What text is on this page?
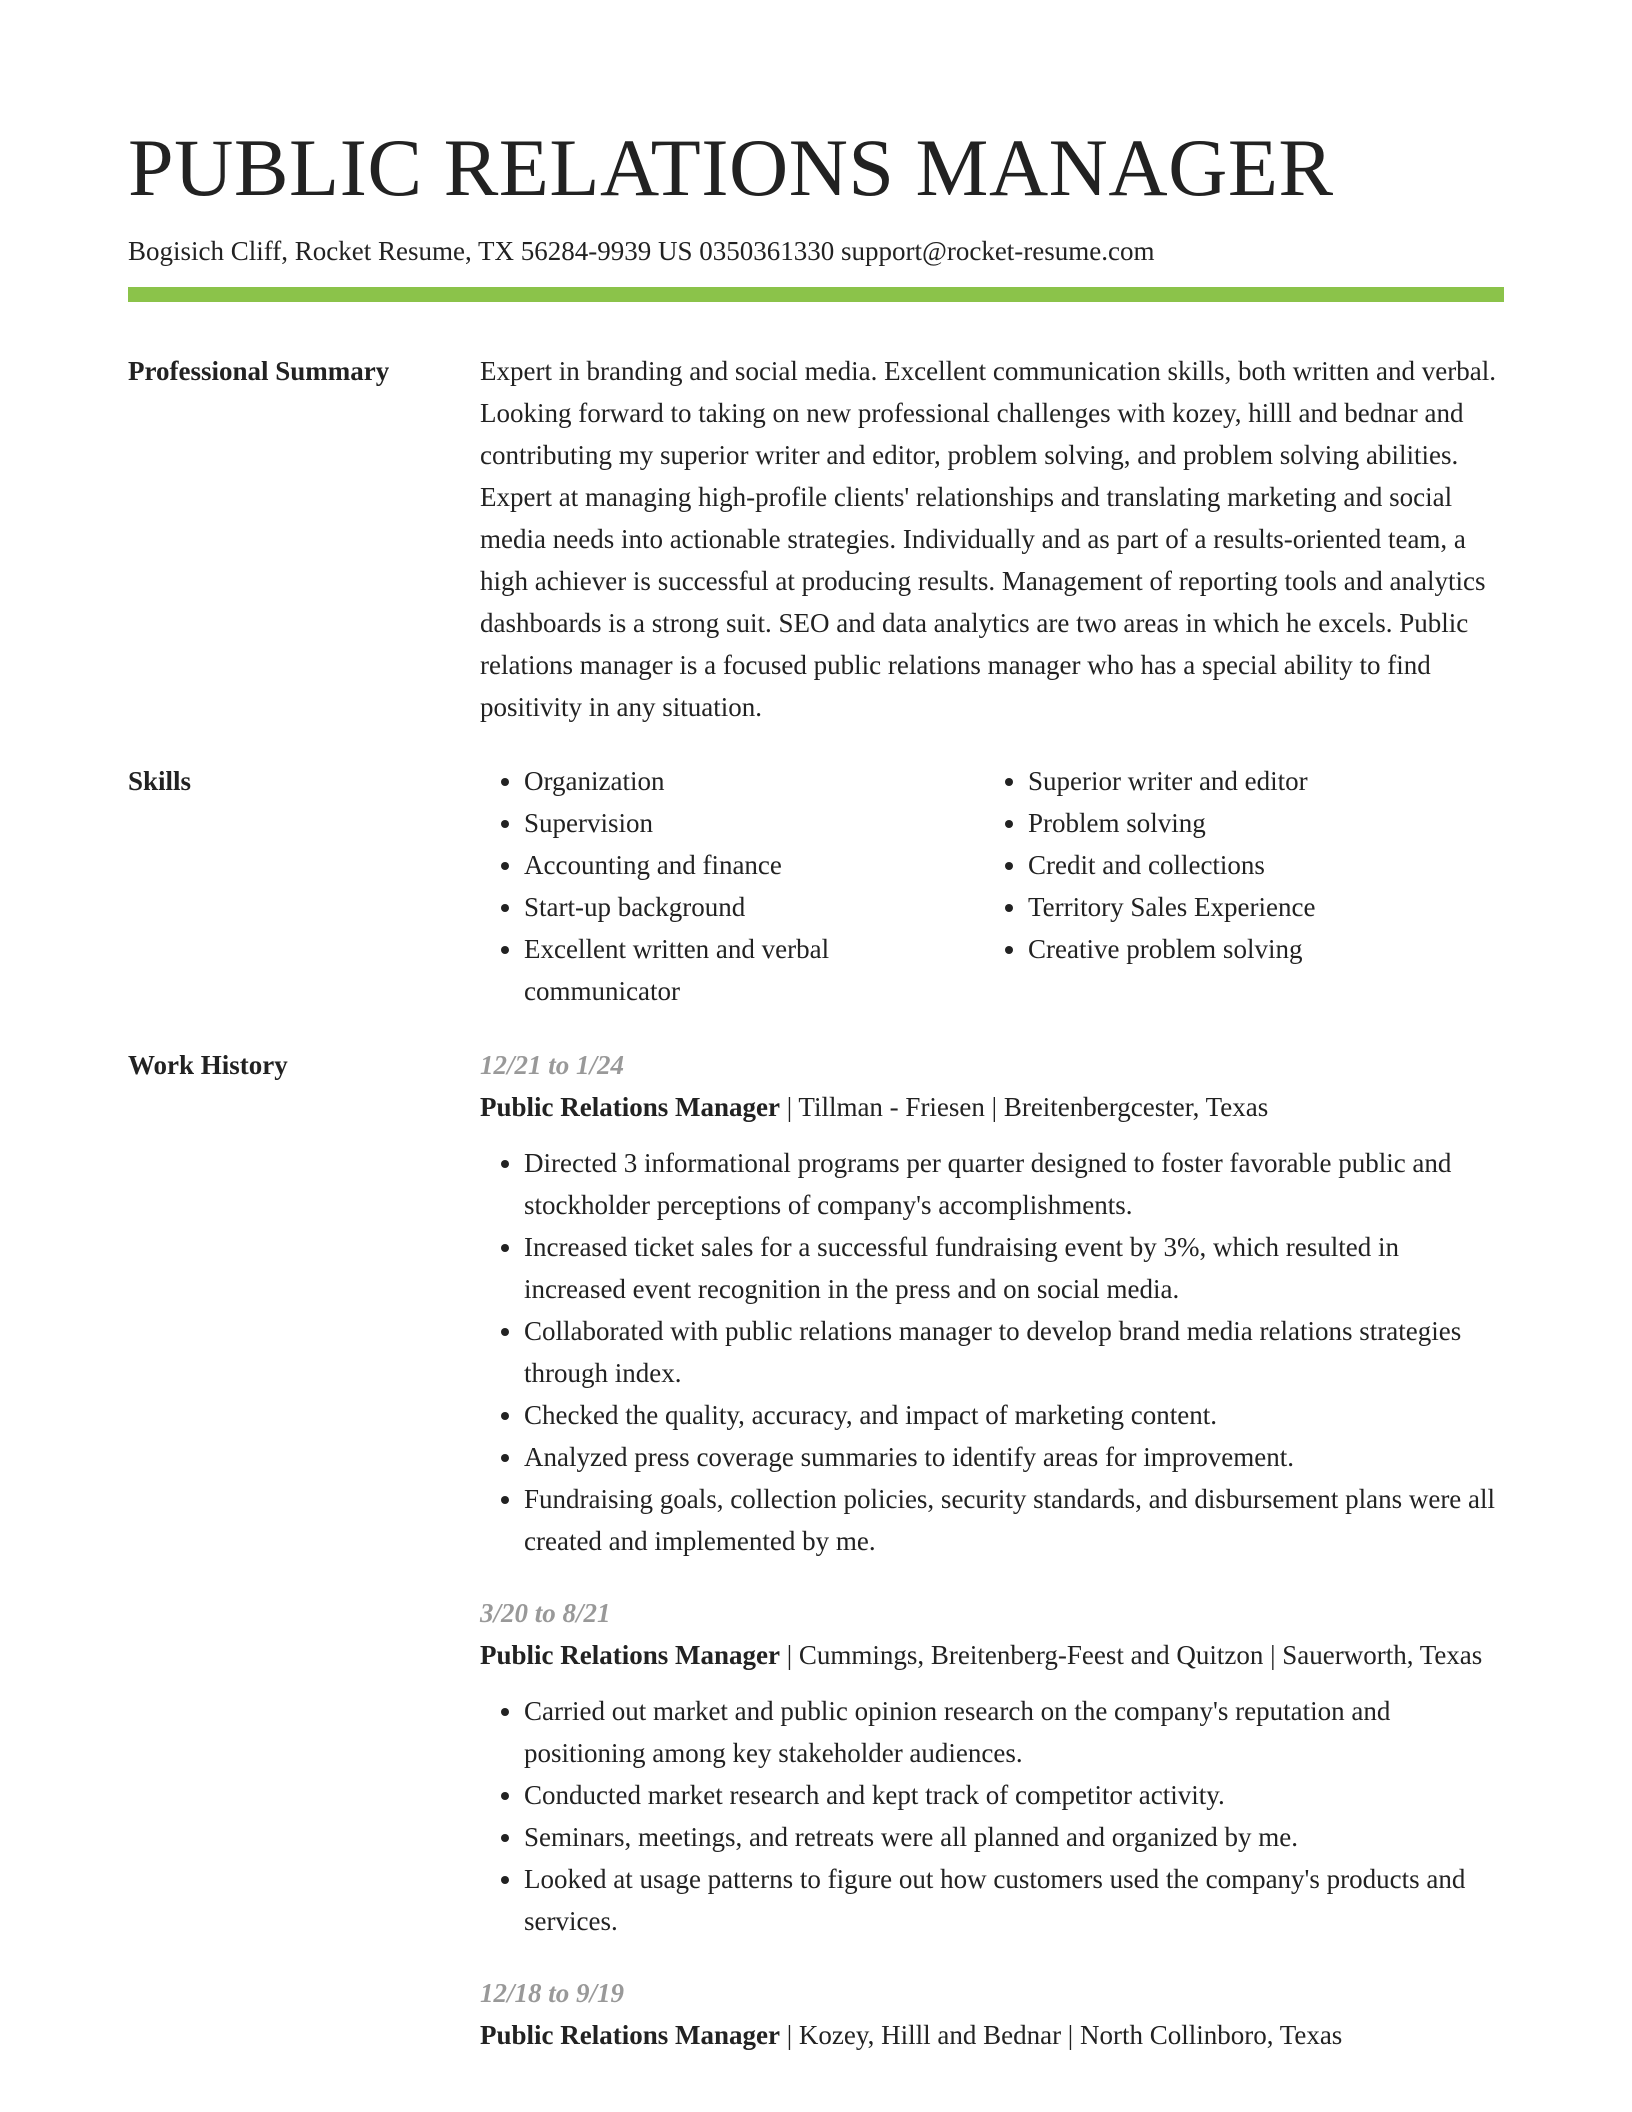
PUBLIC RELATIONS MANAGER
Bogisich Cliff, Rocket Resume, TX 56284-9939 US 0350361330 support@rocket-resume.com
Professional Summary	Expert in branding and social media. Excellent communication skills, both written and verbal. Looking forward to taking on new professional challenges with kozey, hilll and bednar and contributing my superior writer and editor, problem solving, and problem solving abilities. Expert at managing high-profile clients' relationships and translating marketing and social media needs into actionable strategies. Individually and as part of a results-oriented team, a high achiever is successful at producing results. Management of reporting tools and analytics dashboards is a strong suit. SEO and data analytics are two areas in which he excels. Public relations manager is a focused public relations manager who has a special ability to find positivity in any situation.

Skills
•	Organization
• Supervision
• Accounting and finance
• Start-up background
• Excellent written and verbal communicator
• Superior writer and editor
• Problem solving
• Credit and collections
• Territory Sales Experience
• Creative problem solving
Work History	12/21 to 1/24
Public Relations Manager | Tillman - Friesen | Breitenbergcester, Texas
• Directed 3 informational programs per quarter designed to foster favorable public and stockholder perceptions of company's accomplishments.
• Increased ticket sales for a successful fundraising event by 3%, which resulted in increased event recognition in the press and on social media.
• Collaborated with public relations manager to develop brand media relations strategies through index.
• Checked the quality, accuracy, and impact of marketing content.
• Analyzed press coverage summaries to identify areas for improvement.
• Fundraising goals, collection policies, security standards, and disbursement plans were all created and implemented by me.
3/20 to 8/21
Public Relations Manager | Cummings, Breitenberg-Feest and Quitzon | Sauerworth, Texas
• Carried out market and public opinion research on the company's reputation and positioning among key stakeholder audiences.
• Conducted market research and kept track of competitor activity.
• Seminars, meetings, and retreats were all planned and organized by me.
• Looked at usage patterns to figure out how customers used the company's products and services.
12/18 to 9/19
Public Relations Manager | Kozey, Hilll and Bednar | North Collinboro, Texas
